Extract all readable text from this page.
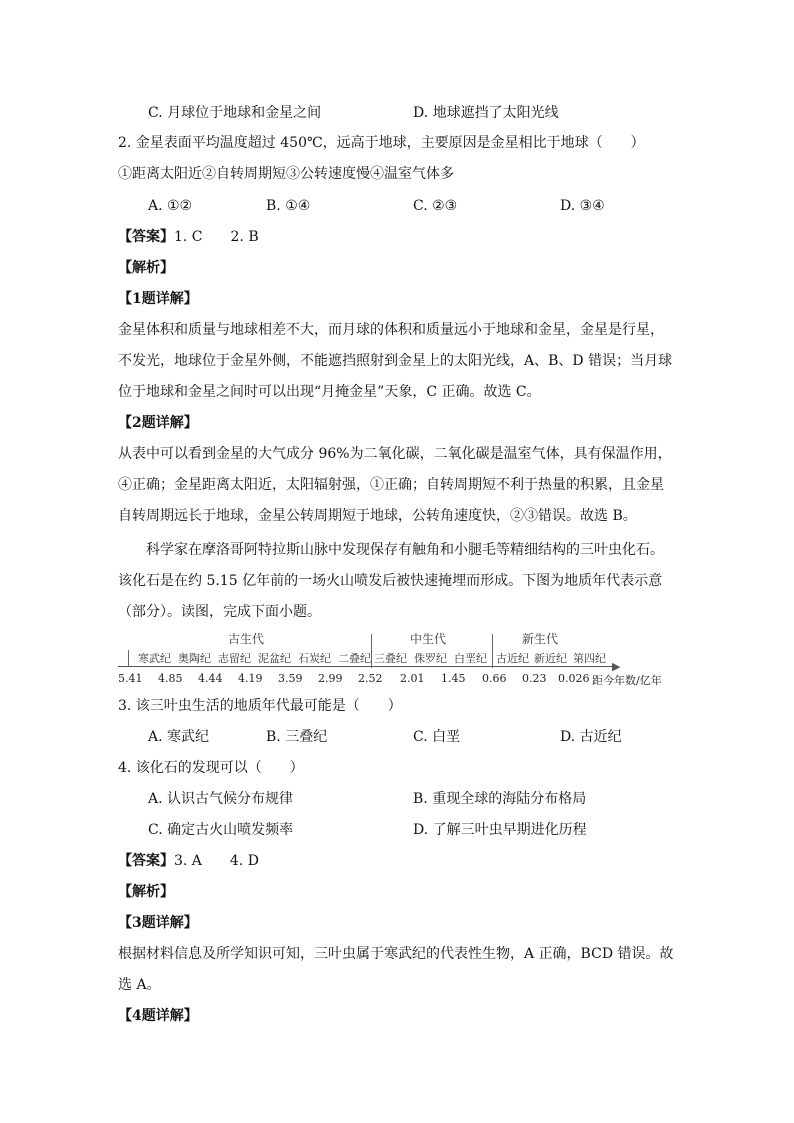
C. 月球位于地球和金星之间	D. 地球遮挡了太阳光线
2. 金星表面平均温度超过 450℃，远高于地球，主要原因是金星相比于地球（　　）
①距离太阳近②自转周期短③公转速度慢④温室气体多
A. ①②	B. ①④	C. ②③	D. ③④
【答案】1. C　　2. B
【解析】
【1题详解】
金星体积和质量与地球相差不大，而月球的体积和质量远小于地球和金星，金星是行星，
不发光，地球位于金星外侧，不能遮挡照射到金星上的太阳光线，A、B、D 错误；当月球
位于地球和金星之间时可以出现“月掩金星”天象，C 正确。故选 C。
【2题详解】
从表中可以看到金星的大气成分 96%为二氧化碳，二氧化碳是温室气体，具有保温作用，
④正确；金星距离太阳近，太阳辐射强，①正确；自转周期短不利于热量的积累，且金星
自转周期远长于地球，金星公转周期短于地球，公转角速度快，②③错误。故选 B。
科学家在摩洛哥阿特拉斯山脉中发现保存有触角和小腿毛等精细结构的三叶虫化石。
该化石是在约 5.15 亿年前的一场火山喷发后被快速掩埋而形成。下图为地质年代表示意
（部分）。读图，完成下面小题。
▶
古生代	中生代	新生代
寒武纪 奥陶纪 志留纪 泥盆纪 石炭纪 二叠纪 三叠纪 侏罗纪 白垩纪 古近纪 新近纪 第四纪
5.41 4.85 4.44 4.19 3.59 2.99 2.52 2.01 1.45 0.66 0.23 0.026 距今年数/亿年
3. 该三叶虫生活的地质年代最可能是（　　）
A. 寒武纪	B. 三叠纪	C. 白垩	D. 古近纪
4. 该化石的发现可以（　　）
A. 认识古气候分布规律	B. 重现全球的海陆分布格局
C. 确定古火山喷发频率	D. 了解三叶虫早期进化历程
【答案】3. A　　4. D
【解析】
【3题详解】
根据材料信息及所学知识可知，三叶虫属于寒武纪的代表性生物，A 正确，BCD 错误。故
选 A。
【4题详解】
